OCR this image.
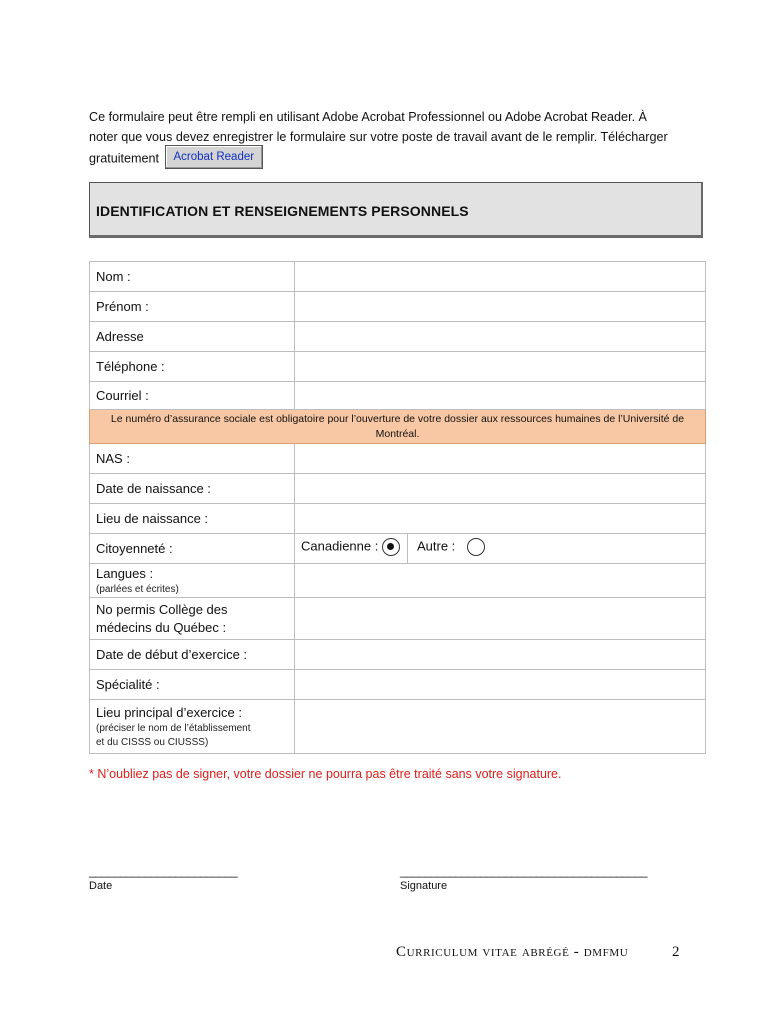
Ce formulaire peut être rempli en utilisant Adobe Acrobat Professionnel ou Adobe Acrobat Reader. À
noter que vous devez enregistrer le formulaire sur votre poste de travail avant de le remplir. Télécharger
gratuitement Acrobat Reader
IDENTIFICATION ET RENSEIGNEMENTS PERSONNELS
Nom :	
Prénom :	
Adresse	
Téléphone :	
Courriel :	
Le numéro d’assurance sociale est obligatoire pour l’ouverture de votre dossier aux ressources humaines de l’Université de Montréal.	
NAS :	
Date de naissance :	
Lieu de naissance :	
Citoyenneté :	Canadienne : Autre :

Langues :
(parlées et écrites)	

No permis Collège des
médecins du Québec :	

Date de début d’exercice :	
Spécialité :	

Lieu principal d’exercice :
(préciser le nom de l’établissement
et du CISSS ou CIUSSS)	

* N’oubliez pas de signer, votre dossier ne pourra pas être traité sans votre signature.
________________________
Date
________________________________________
Signature
Curriculum vitae abrégé - dmfmu	2
